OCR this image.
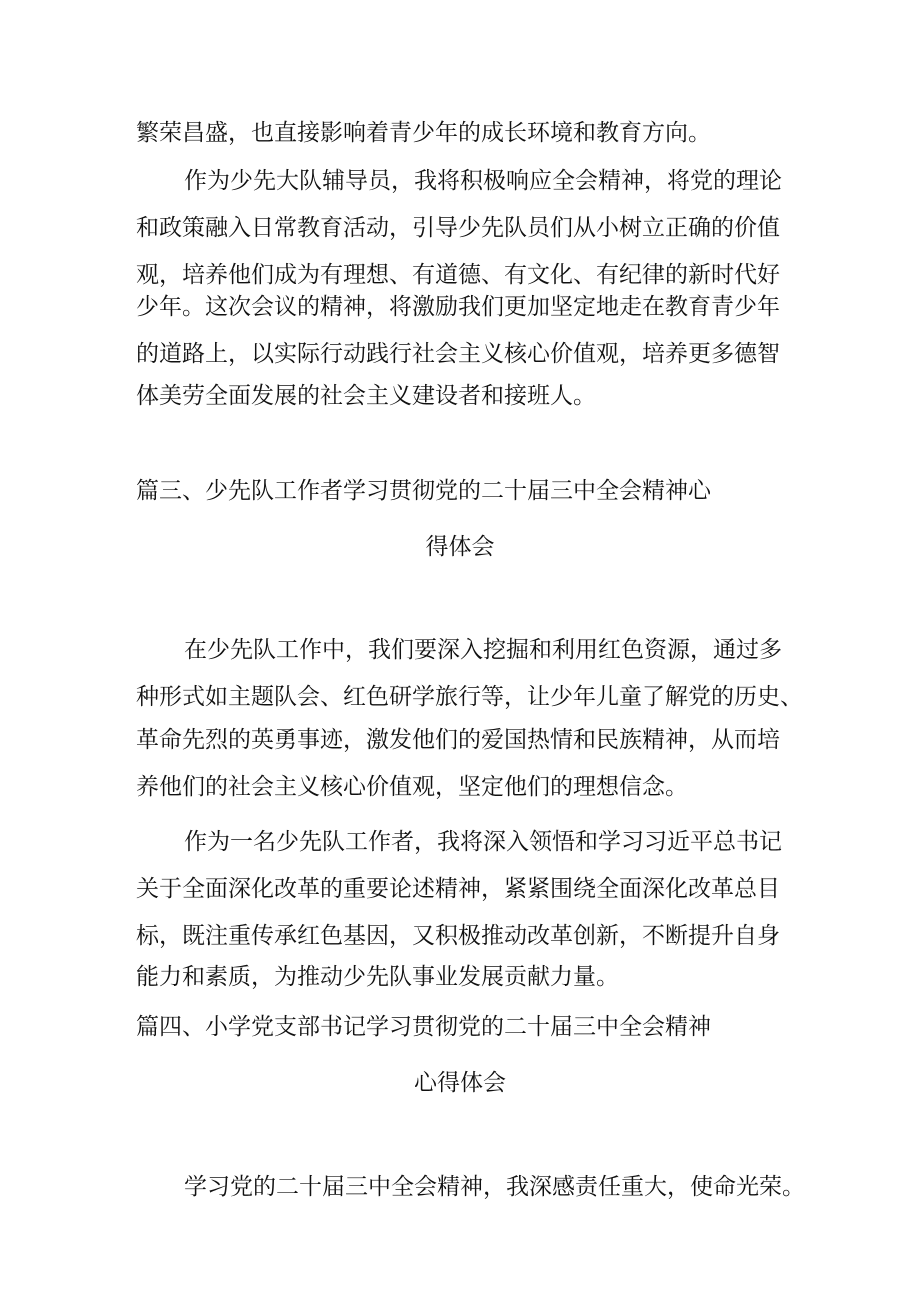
繁荣昌盛，也直接影响着青少年的成长环境和教育方向。
作为少先大队辅导员，我将积极响应全会精神，将党的理论
和政策融入日常教育活动，引导少先队员们从小树立正确的价值
观，培养他们成为有理想、有道德、有文化、有纪律的新时代好
少年。这次会议的精神，将激励我们更加坚定地走在教育青少年
的道路上，以实际行动践行社会主义核心价值观，培养更多德智
体美劳全面发展的社会主义建设者和接班人。
篇三、少先队工作者学习贯彻党的二十届三中全会精神心
得体会
在少先队工作中，我们要深入挖掘和利用红色资源，通过多
种形式如主题队会、红色研学旅行等，让少年儿童了解党的历史、
革命先烈的英勇事迹，激发他们的爱国热情和民族精神，从而培
养他们的社会主义核心价值观，坚定他们的理想信念。
作为一名少先队工作者，我将深入领悟和学习习近平总书记
关于全面深化改革的重要论述精神，紧紧围绕全面深化改革总目
标，既注重传承红色基因，又积极推动改革创新，不断提升自身
能力和素质，为推动少先队事业发展贡献力量。
篇四、小学党支部书记学习贯彻党的二十届三中全会精神
心得体会
学习党的二十届三中全会精神，我深感责任重大，使命光荣。
